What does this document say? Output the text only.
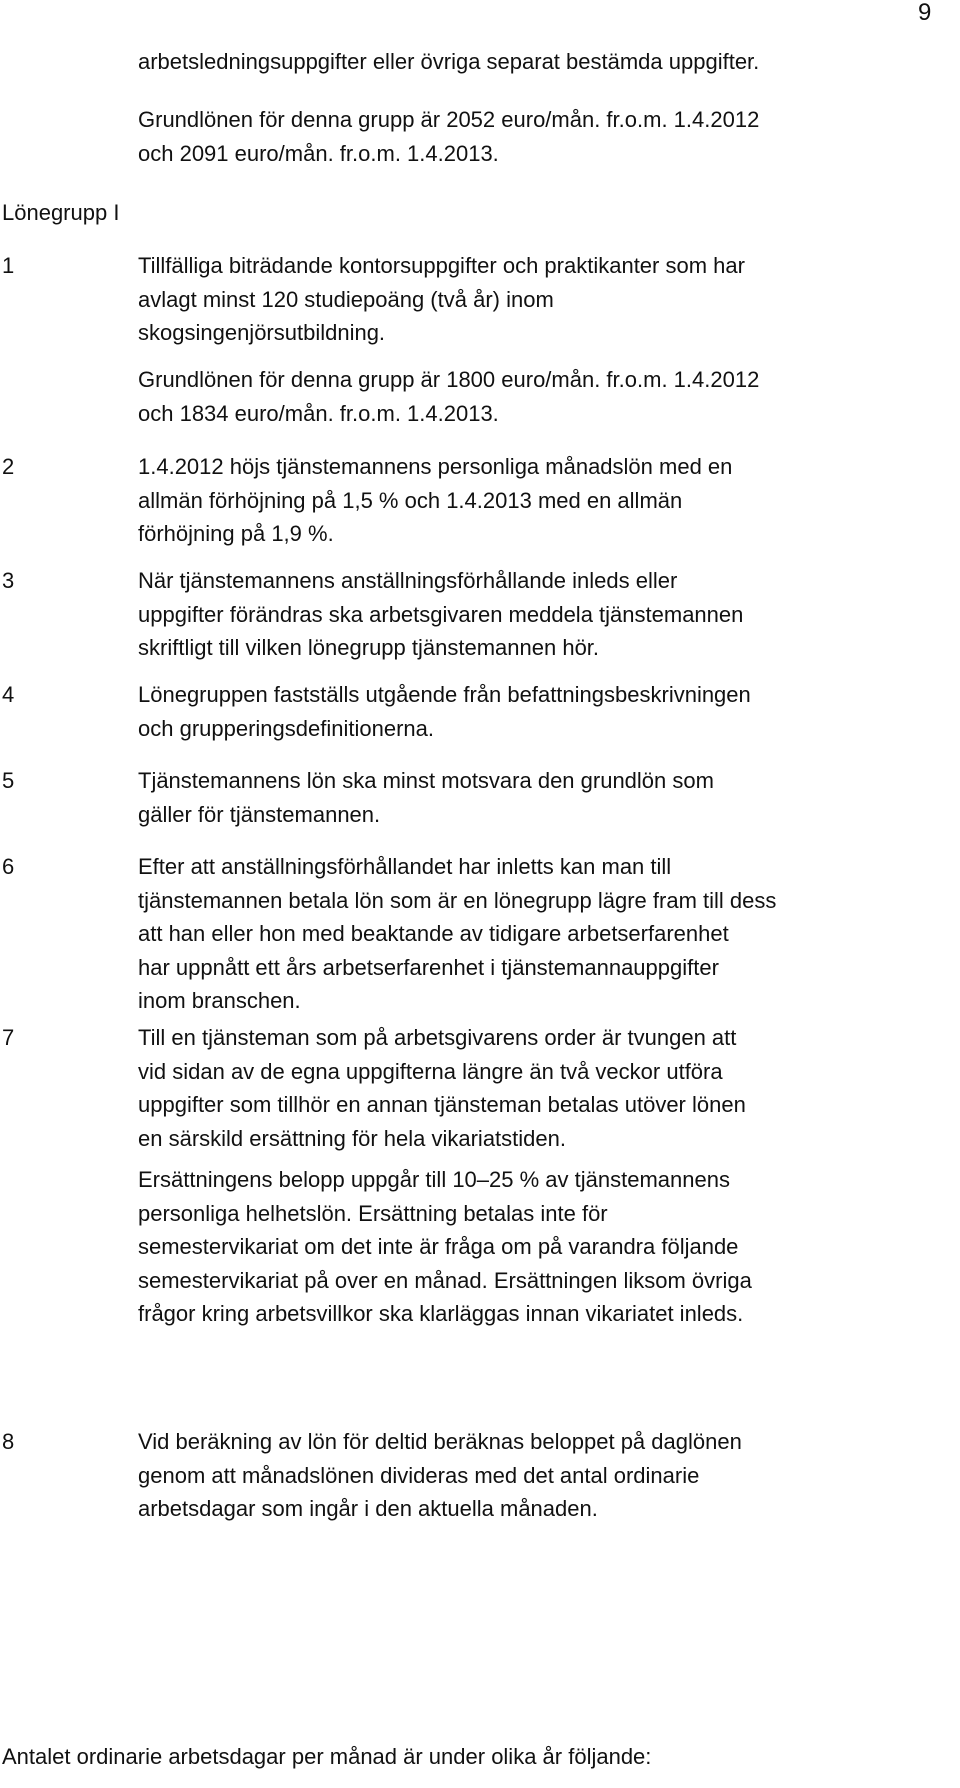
9
arbetsledningsuppgifter eller övriga separat bestämda uppgifter.
Grundlönen för denna grupp är 2052 euro/mån. fr.o.m. 1.4.2012
och 2091 euro/mån. fr.o.m. 1.4.2013.
Lönegrupp I
1	Tillfälliga biträdande kontorsuppgifter och praktikanter som har
avlagt minst 120 studiepoäng (två år) inom
skogsingenjörsutbildning.
Grundlönen för denna grupp är 1800 euro/mån. fr.o.m. 1.4.2012
och 1834 euro/mån. fr.o.m. 1.4.2013.
2	1.4.2012 höjs tjänstemannens personliga månadslön med en
allmän förhöjning på 1,5 % och 1.4.2013 med en allmän
förhöjning på 1,9 %.
3	När tjänstemannens anställningsförhållande inleds eller
uppgifter förändras ska arbetsgivaren meddela tjänstemannen
skriftligt till vilken lönegrupp tjänstemannen hör.
4	Lönegruppen fastställs utgående från befattningsbeskrivningen
och grupperingsdefinitionerna.
5	Tjänstemannens lön ska minst motsvara den grundlön som
gäller för tjänstemannen.
6	Efter att anställningsförhållandet har inletts kan man till
tjänstemannen betala lön som är en lönegrupp lägre fram till dess
att han eller hon med beaktande av tidigare arbetserfarenhet
har uppnått ett års arbetserfarenhet i tjänstemannauppgifter
inom branschen.
7	Till en tjänsteman som på arbetsgivarens order är tvungen att
vid sidan av de egna uppgifterna längre än två veckor utföra
uppgifter som tillhör en annan tjänsteman betalas utöver lönen
en särskild ersättning för hela vikariatstiden.
Ersättningens belopp uppgår till 10–25 % av tjänstemannens
personliga helhetslön. Ersättning betalas inte för
semestervikariat om det inte är fråga om på varandra följande
semestervikariat på over en månad. Ersättningen liksom övriga
frågor kring arbetsvillkor ska klarläggas innan vikariatet inleds.
8	Vid beräkning av lön för deltid beräknas beloppet på daglönen
genom att månadslönen divideras med det antal ordinarie
arbetsdagar som ingår i den aktuella månaden.
Antalet ordinarie arbetsdagar per månad är under olika år följande:
